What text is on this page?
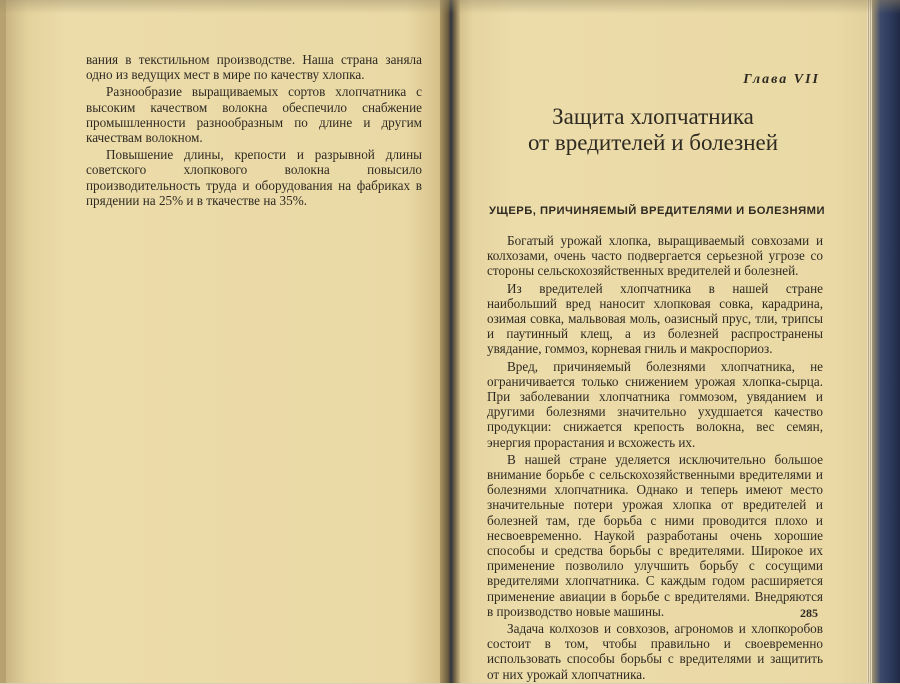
вания в текстильном производстве. Наша страна заняла одно из ведущих мест в мире по качеству хлопка.

Разнообразие выращиваемых сортов хлопчатника с высоким качеством волокна обеспечило снабжение промышленности разнообразным по длине и другим качествам волокном.

Повышение длины, крепости и разрывной длины советского хлопкового волокна повысило производительность труда и оборудования на фабриках в прядении на 25% и в ткачестве на 35%.

Глава VII
Защита хлопчатника
от вредителей и болезней
УЩЕРБ, ПРИЧИНЯЕМЫЙ ВРЕДИТЕЛЯМИ И БОЛЕЗНЯМИ

Богатый урожай хлопка, выращиваемый совхозами и колхозами, очень часто подвергается серьезной угрозе со стороны сельскохозяйственных вредителей и болезней.

Из вредителей хлопчатника в нашей стране наибольший вред наносит хлопковая совка, карадрина, озимая совка, мальвовая моль, оазисный прус, тли, трипсы и паутинный клещ, а из болезней распространены увядание, гоммоз, корневая гниль и макроспориоз.

Вред, причиняемый болезнями хлопчатника, не ограничивается только снижением урожая хлопка-сырца. При заболевании хлопчатника гоммозом, увяданием и другими болезнями значительно ухудшается качество продукции: снижается крепость волокна, вес семян, энергия прорастания и всхожесть их.

В нашей стране уделяется исключительно большое внимание борьбе с сельскохозяйственными вредителями и болезнями хлопчатника. Однако и теперь имеют место значительные потери урожая хлопка от вредителей и болезней там, где борьба с ними проводится плохо и несвоевременно. Наукой разработаны очень хорошие способы и средства борьбы с вредителями. Широкое их применение позволило улучшить борьбу с сосущими вредителями хлопчатника. С каждым годом расширяется применение авиации в борьбе с вредителями. Внедряются в производство новые машины.

Задача колхозов и совхозов, агрономов и хлопкоробов состоит в том, чтобы правильно и своевременно использовать способы борьбы с вредителями и защитить от них урожай хлопчатника.

285
